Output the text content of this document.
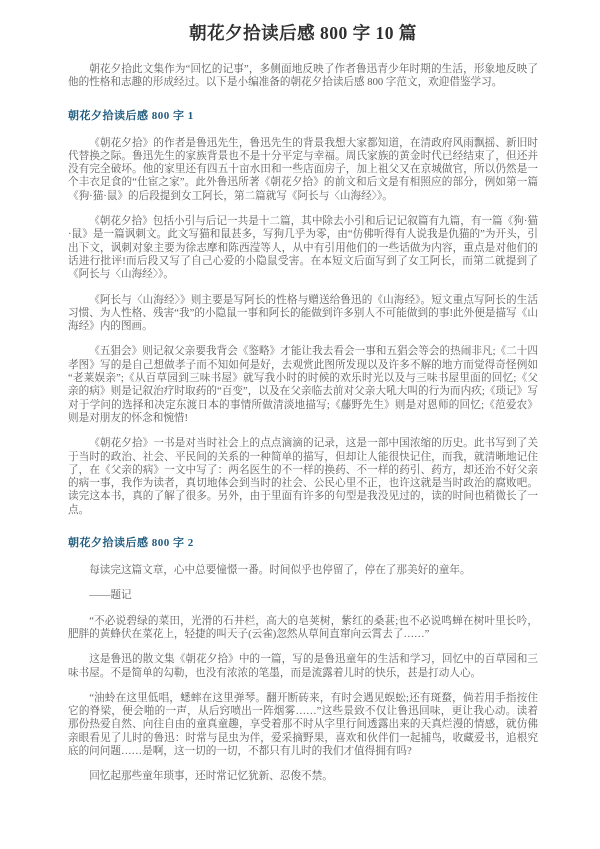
朝花夕拾读后感 800 字 10 篇

朝花夕拾此文集作为“回忆的记事”，多侧面地反映了作者鲁迅青少年时期的生活，形象地反映了他的性格和志趣的形成经过。以下是小编准备的朝花夕拾读后感 800 字范文，欢迎借鉴学习。

朝花夕拾读后感 800 字 1

《朝花夕拾》的作者是鲁迅先生，鲁迅先生的背景我想大家都知道，在清政府风雨飘摇、新旧时代替换之际。鲁迅先生的家族背景也不是十分平定与幸福。周氏家族的黄金时代已经结束了，但还并没有完全破坏。他的家里还有四五十亩水田和一些店面房子，加上祖父又在京城做官，所以仍然是一个丰衣足食的“仕宦之家”。此外鲁迅所著《朝花夕拾》的前文和后文是有相照应的部分，例如第一篇《狗·猫·鼠》的后段提到女工阿长，第二篇就写《阿长与〈山海经〉》。

《朝花夕拾》包括小引与后记一共是十二篇，其中除去小引和后记记叙篇有九篇，有一篇《狗·猫·鼠》是一篇讽刺文。此文写猫和鼠甚多，写狗几乎为零，由“仿佛听得有人说我是仇猫的”为开头，引出下文，讽刺对象主要为徐志摩和陈西滢等人，从中有引用他们的一些话做为内容，重点是对他们的话进行批评!而后段又写了自己心爱的小隐鼠受害。在本短文后面写到了女工阿长，而第二就提到了《阿长与〈山海经〉》。

《阿长与〈山海经〉》则主要是写阿长的性格与赠送给鲁迅的《山海经》。短文重点写阿长的生活习惯、为人性格、残害“我”的小隐鼠一事和阿长的能做到许多别人不可能做到的事!此外便是描写《山海经》内的图画。

《五猖会》则记叙父亲要我背会《鉴略》才能让我去看会一事和五猖会等会的热闹非凡;《二十四孝图》写的是自己想做孝子而不知如何是好，去观赏此图所发现以及许多不解的地方而觉得奇怪例如“老莱娱亲”;《从百草园到三味书屋》就写我小时的时候的欢乐时光以及与三味书屋里面的回忆;《父亲的病》则是记叙治疗时取药的“百变”，以及在父亲临去前对父亲大吼大叫的行为而内疚;《琐记》写对于学问的选择和决定东渡日本的事情所做清淡地描写;《藤野先生》则是对恩师的回忆;《范爱农》则是对朋友的怀念和惋惜!

《朝花夕拾》一书是对当时社会上的点点滴滴的记录，这是一部中国浓缩的历史。此书写到了关于当时的政治、社会、平民间的关系的一种简单的描写，但却让人能很快记住，而我，就清晰地记住了，在《父亲的病》一文中写了：两名医生的不一样的换药、不一样的药引、药方，却还治不好父亲的病一事，我作为读者，真切地体会到当时的社会、公民心里不正，也许这就是当时政治的腐败吧。读完这本书，真的了解了很多。另外，由于里面有许多的句型是我没见过的，读的时间也稍微长了一点。

朝花夕拾读后感 800 字 2

每读完这篇文章，心中总要憧憬一番。时间似乎也停留了，停在了那美好的童年。

——题记

“不必说碧绿的菜田，光滑的石井栏，高大的皂荚树，紫红的桑葚;也不必说鸣蝉在树叶里长吟，肥胖的黄蜂伏在菜花上，轻捷的叫天子(云雀)忽然从草间直窜向云霄去了……”

这是鲁迅的散文集《朝花夕拾》中的一篇，写的是鲁迅童年的生活和学习，回忆中的百草园和三味书屋。不是简单的勾勒，也没有浓浓的笔墨，而是流露着儿时的快乐，甚是打动人心。

“油蛉在这里低唱，蟋蟀在这里弹琴。翻开断砖来，有时会遇见蜈蚣;还有斑蝥，倘若用手指按住它的脊梁，便会啪的一声，从后窍喷出一阵烟雾……”这些景致不仅让鲁迅回味，更让我心动。读着那份热爱自然、向往自由的童真童趣，享受着那不时从字里行间透露出来的天真烂漫的情感，就仿佛亲眼看见了儿时的鲁迅：时常与昆虫为伴，爱采摘野果，喜欢和伙伴们一起捕鸟，收藏爱书，追根究底的问问题……是啊，这一切的一切，不都只有儿时的我们才值得拥有吗?

回忆起那些童年琐事，还时常记忆犹新、忍俊不禁。
